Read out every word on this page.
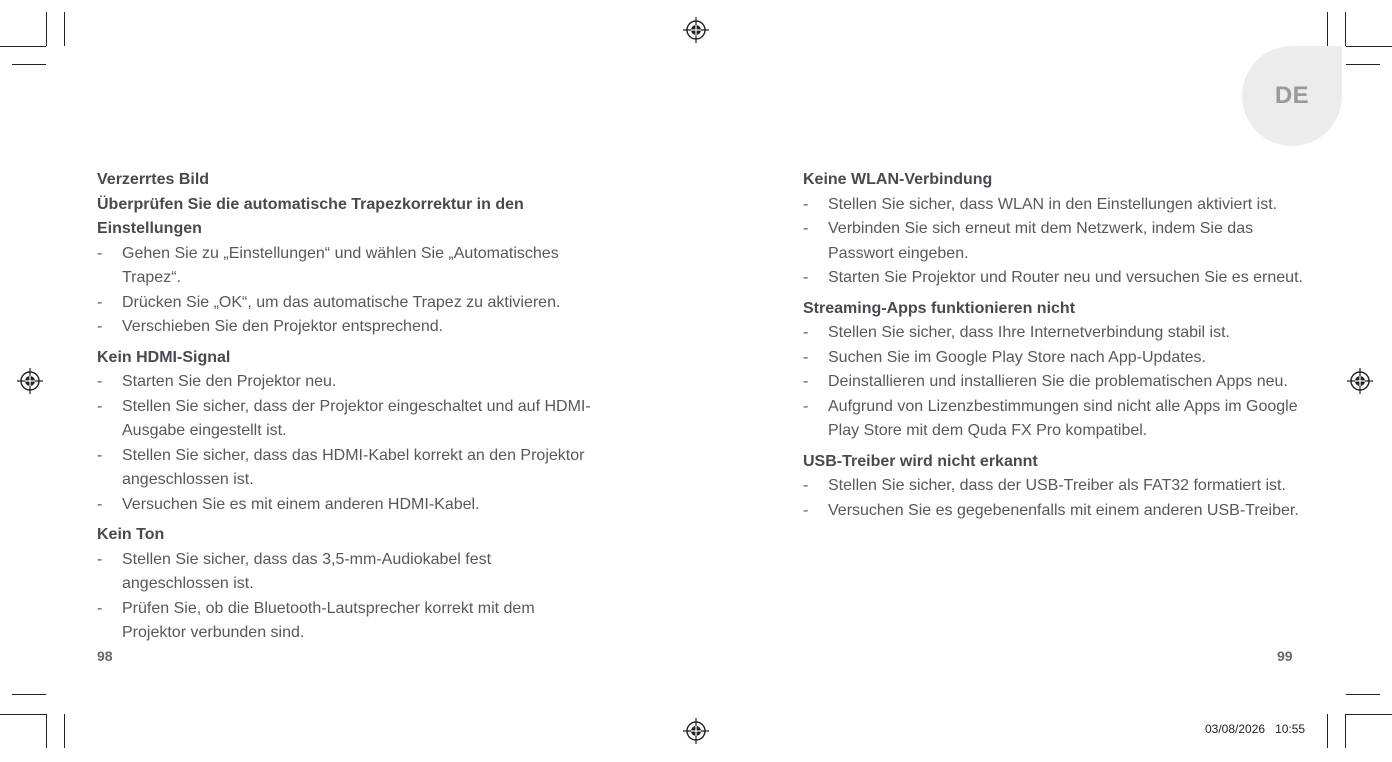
DE
Verzerrtes Bild
Überprüfen Sie die automatische Trapezkorrektur in den Einstellungen
- Gehen Sie zu „Einstellungen“ und wählen Sie „Automatisches Trapez“.
- Drücken Sie „OK“, um das automatische Trapez zu aktivieren.
- Verschieben Sie den Projektor entsprechend.
Kein HDMI-Signal
- Starten Sie den Projektor neu.
- Stellen Sie sicher, dass der Projektor eingeschaltet und auf HDMI-Ausgabe eingestellt ist.
- Stellen Sie sicher, dass das HDMI-Kabel korrekt an den Projektor angeschlossen ist.
- Versuchen Sie es mit einem anderen HDMI-Kabel.
Kein Ton
- Stellen Sie sicher, dass das 3,5-mm-Audiokabel fest angeschlossen ist.
- Prüfen Sie, ob die Bluetooth-Lautsprecher korrekt mit dem Projektor verbunden sind.
98
Keine WLAN-Verbindung
- Stellen Sie sicher, dass WLAN in den Einstellungen aktiviert ist.
- Verbinden Sie sich erneut mit dem Netzwerk, indem Sie das Passwort eingeben.
- Starten Sie Projektor und Router neu und versuchen Sie es erneut.
Streaming-Apps funktionieren nicht
- Stellen Sie sicher, dass Ihre Internetverbindung stabil ist.
- Suchen Sie im Google Play Store nach App-Updates.
- Deinstallieren und installieren Sie die problematischen Apps neu.
- Aufgrund von Lizenzbestimmungen sind nicht alle Apps im Google Play Store mit dem Quda FX Pro kompatibel.
USB-Treiber wird nicht erkannt
- Stellen Sie sicher, dass der USB-Treiber als FAT32 formatiert ist.
- Versuchen Sie es gegebenenfalls mit einem anderen USB-Treiber.
99
03/08/2026 10:55
